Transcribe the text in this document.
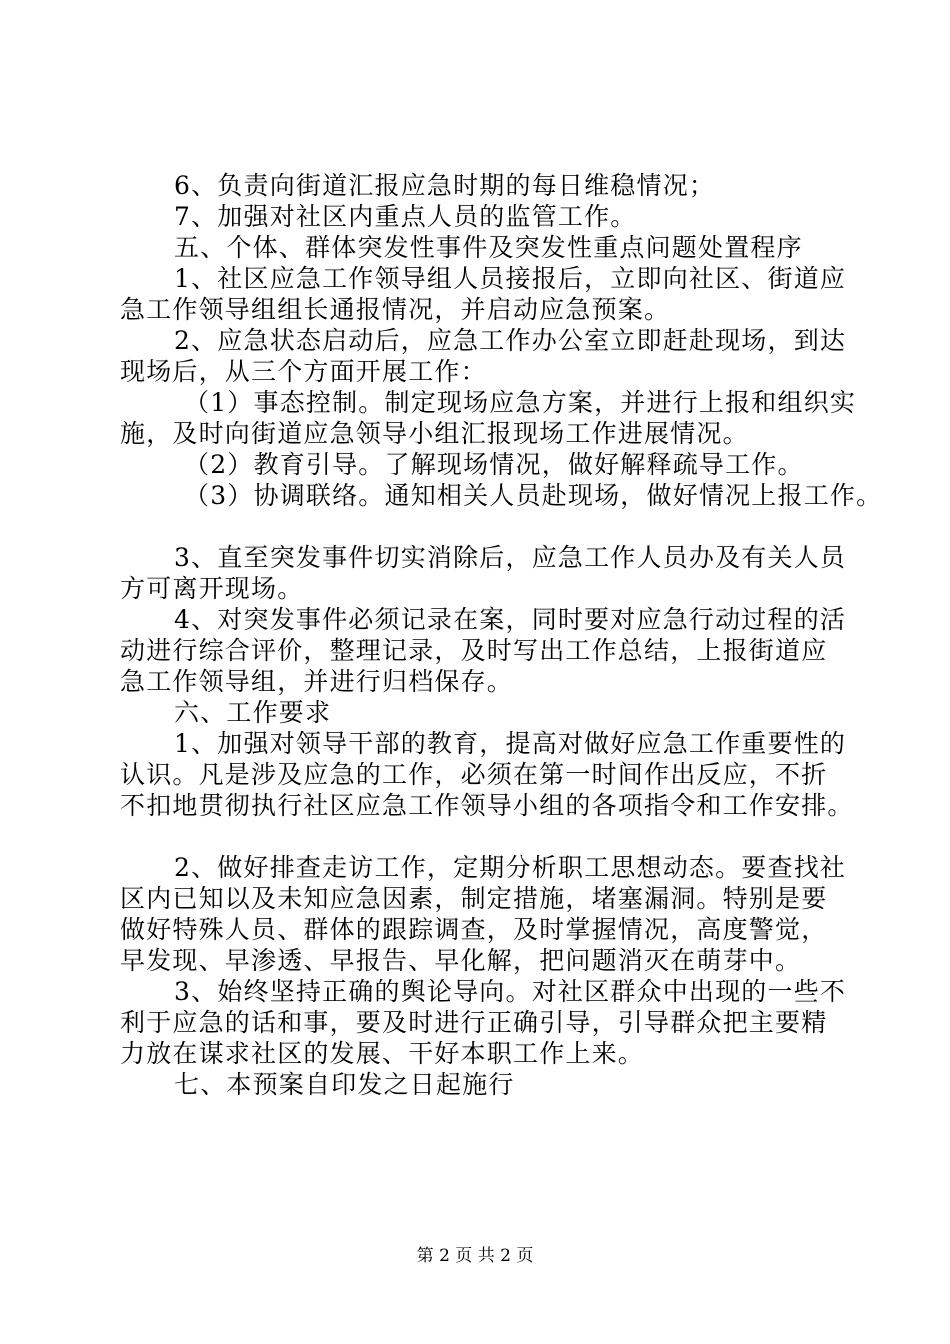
6、负责向街道汇报应急时期的每日维稳情况；
7、加强对社区内重点人员的监管工作。
五、个体、群体突发性事件及突发性重点问题处置程序
1、社区应急工作领导组人员接报后，立即向社区、街道应
急工作领导组组长通报情况，并启动应急预案。
2、应急状态启动后，应急工作办公室立即赶赴现场，到达
现场后，从三个方面开展工作：
（1）事态控制。制定现场应急方案，并进行上报和组织实
施，及时向街道应急领导小组汇报现场工作进展情况。
（2）教育引导。了解现场情况，做好解释疏导工作。
（3）协调联络。通知相关人员赴现场，做好情况上报工作。
3、直至突发事件切实消除后，应急工作人员办及有关人员
方可离开现场。
4、对突发事件必须记录在案，同时要对应急行动过程的活
动进行综合评价，整理记录，及时写出工作总结，上报街道应
急工作领导组，并进行归档保存。
六、工作要求
1、加强对领导干部的教育，提高对做好应急工作重要性的
认识。凡是涉及应急的工作，必须在第一时间作出反应，不折
不扣地贯彻执行社区应急工作领导小组的各项指令和工作安排。
2、做好排查走访工作，定期分析职工思想动态。要查找社
区内已知以及未知应急因素，制定措施，堵塞漏洞。特别是要
做好特殊人员、群体的跟踪调查，及时掌握情况，高度警觉，
早发现、早渗透、早报告、早化解，把问题消灭在萌芽中。
3、始终坚持正确的舆论导向。对社区群众中出现的一些不
利于应急的话和事，要及时进行正确引导，引导群众把主要精
力放在谋求社区的发展、干好本职工作上来。
七、本预案自印发之日起施行
第 2 页 共 2 页
